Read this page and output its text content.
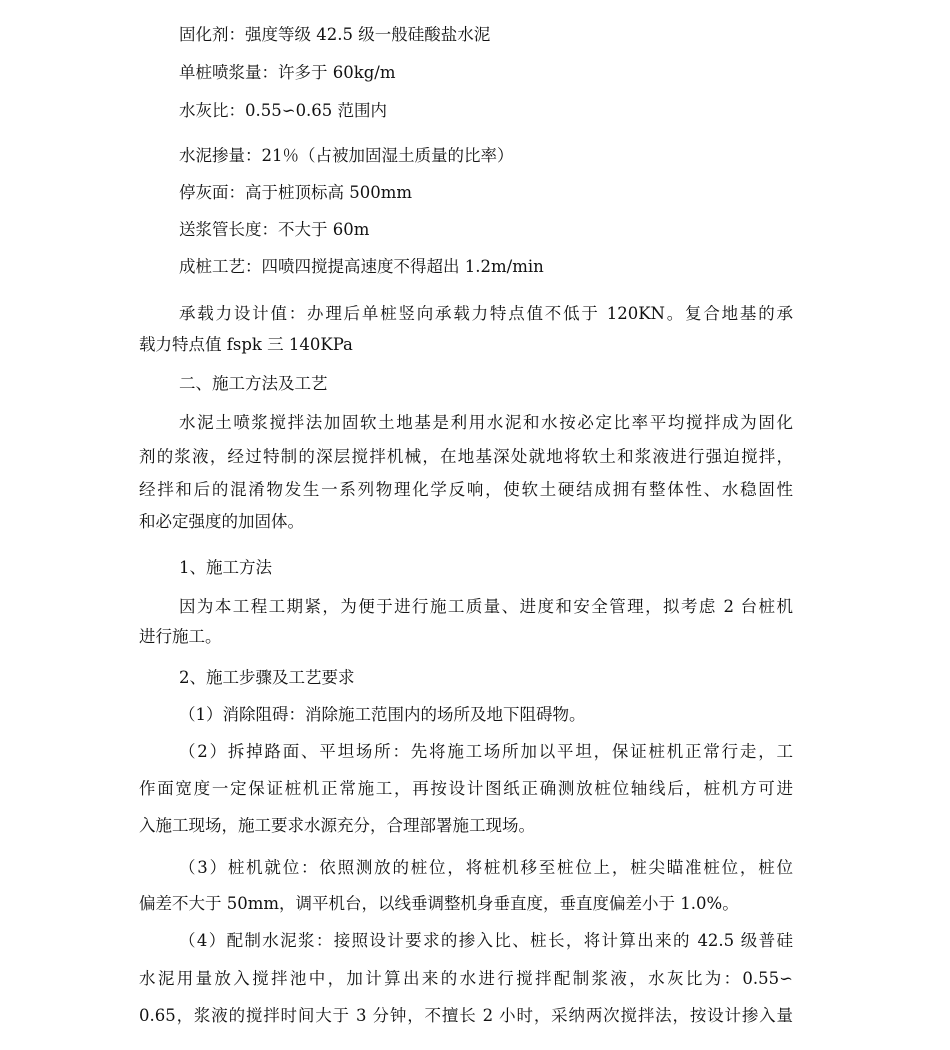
固化剂：强度等级 42.5 级一般硅酸盐水泥
单桩喷浆量：许多于 60kg/m
水灰比：0.55∽0.65 范围内
水泥掺量：21％（占被加固湿土质量的比率）
停灰面：高于桩顶标高 500mm
送浆管长度：不大于 60m
成桩工艺：四喷四搅提高速度不得超出 1.2m/min
承载力设计值：办理后单桩竖向承载力特点值不低于 120KN。复合地基的承
载力特点值 fspk 三 140KPa
二、施工方法及工艺
水泥土喷浆搅拌法加固软土地基是利用水泥和水按必定比率平均搅拌成为固化
剂的浆液，经过特制的深层搅拌机械，在地基深处就地将软土和浆液进行强迫搅拌，
经拌和后的混淆物发生一系列物理化学反响，使软土硬结成拥有整体性、水稳固性
和必定强度的加固体。
1、施工方法
因为本工程工期紧，为便于进行施工质量、进度和安全管理，拟考虑 2 台桩机
进行施工。
2、施工步骤及工艺要求
（1）消除阻碍：消除施工范围内的场所及地下阻碍物。
（2）拆掉路面、平坦场所：先将施工场所加以平坦，保证桩机正常行走，工
作面宽度一定保证桩机正常施工，再按设计图纸正确测放桩位轴线后，桩机方可进
入施工现场，施工要求水源充分，合理部署施工现场。
（3）桩机就位：依照测放的桩位，将桩机移至桩位上，桩尖瞄准桩位，桩位
偏差不大于 50mm，调平机台，以线垂调整机身垂直度，垂直度偏差小于 1.0%。
（4）配制水泥浆：接照设计要求的掺入比、桩长，将计算出来的 42.5 级普硅
水泥用量放入搅拌池中，加计算出来的水进行搅拌配制浆液，水灰比为：0.55∽
0.65，浆液的搅拌时间大于 3 分钟，不擅长 2 小时，采纳两次搅拌法，按设计掺入量
